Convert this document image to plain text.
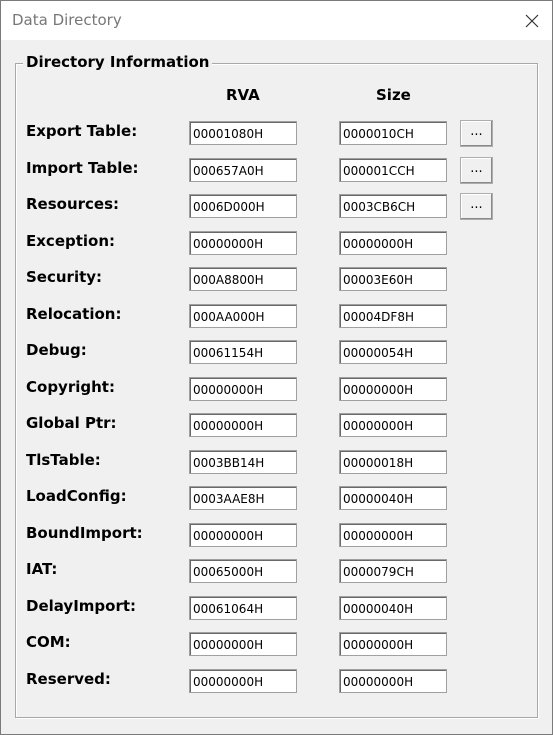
Data Directory
Directory Information
RVA	Size
Export Table:	00001080H	0000010CH	...
Import Table:	000657A0H	000001CCH	...
Resources:	0006D000H	0003CB6CH	...
Exception:	00000000H	00000000H
Security:	000A8800H	00003E60H
Relocation:	000AA000H	00004DF8H
Debug:	00061154H	00000054H
Copyright:	00000000H	00000000H
Global Ptr:	00000000H	00000000H
TlsTable:	0003BB14H	00000018H
LoadConfig:	0003AAE8H	00000040H
BoundImport:	00000000H	00000000H
IAT:	00065000H	0000079CH
DelayImport:	00061064H	00000040H
COM:	00000000H	00000000H
Reserved:	00000000H	00000000H
